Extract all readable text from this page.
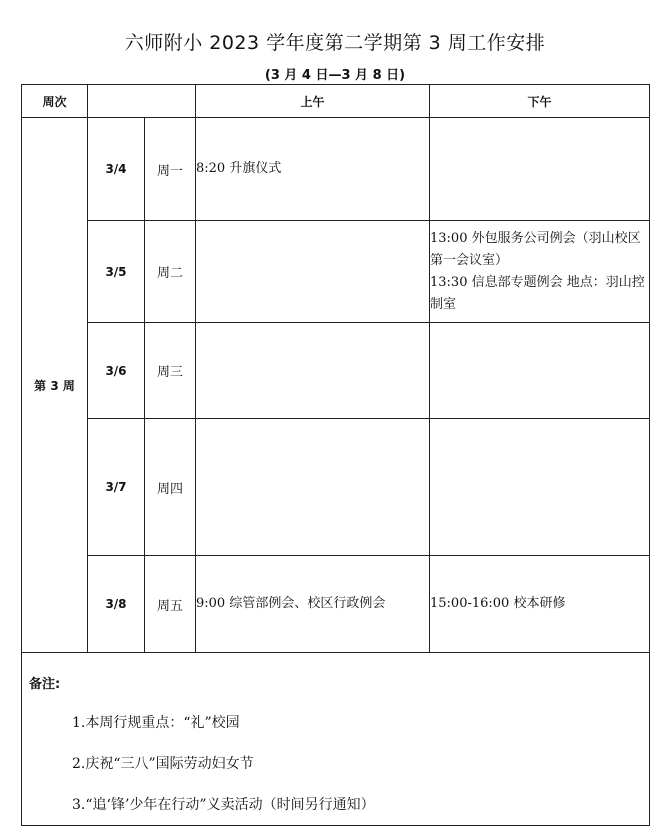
六师附小 2023 学年度第二学期第 3 周工作安排
(3 月 4 日—3 月 8 日)
周次			上午	下午
第 3 周	3/4	周一	8:20 升旗仪式	

	3/5	周二		13:00 外包服务公司例会（羽山校区第一会议室）
13:30 信息部专题例会 地点：羽山控制室

	3/6	周三		
	3/7	周四		
	3/8	周五	9:00 综管部例会、校区行政例会	15:00-16:00 校本研修

备注:
1.本周行规重点：“礼”校园
2.庆祝“三八”国际劳动妇女节
3.“追‘锋’少年在行动”义卖活动（时间另行通知）				
